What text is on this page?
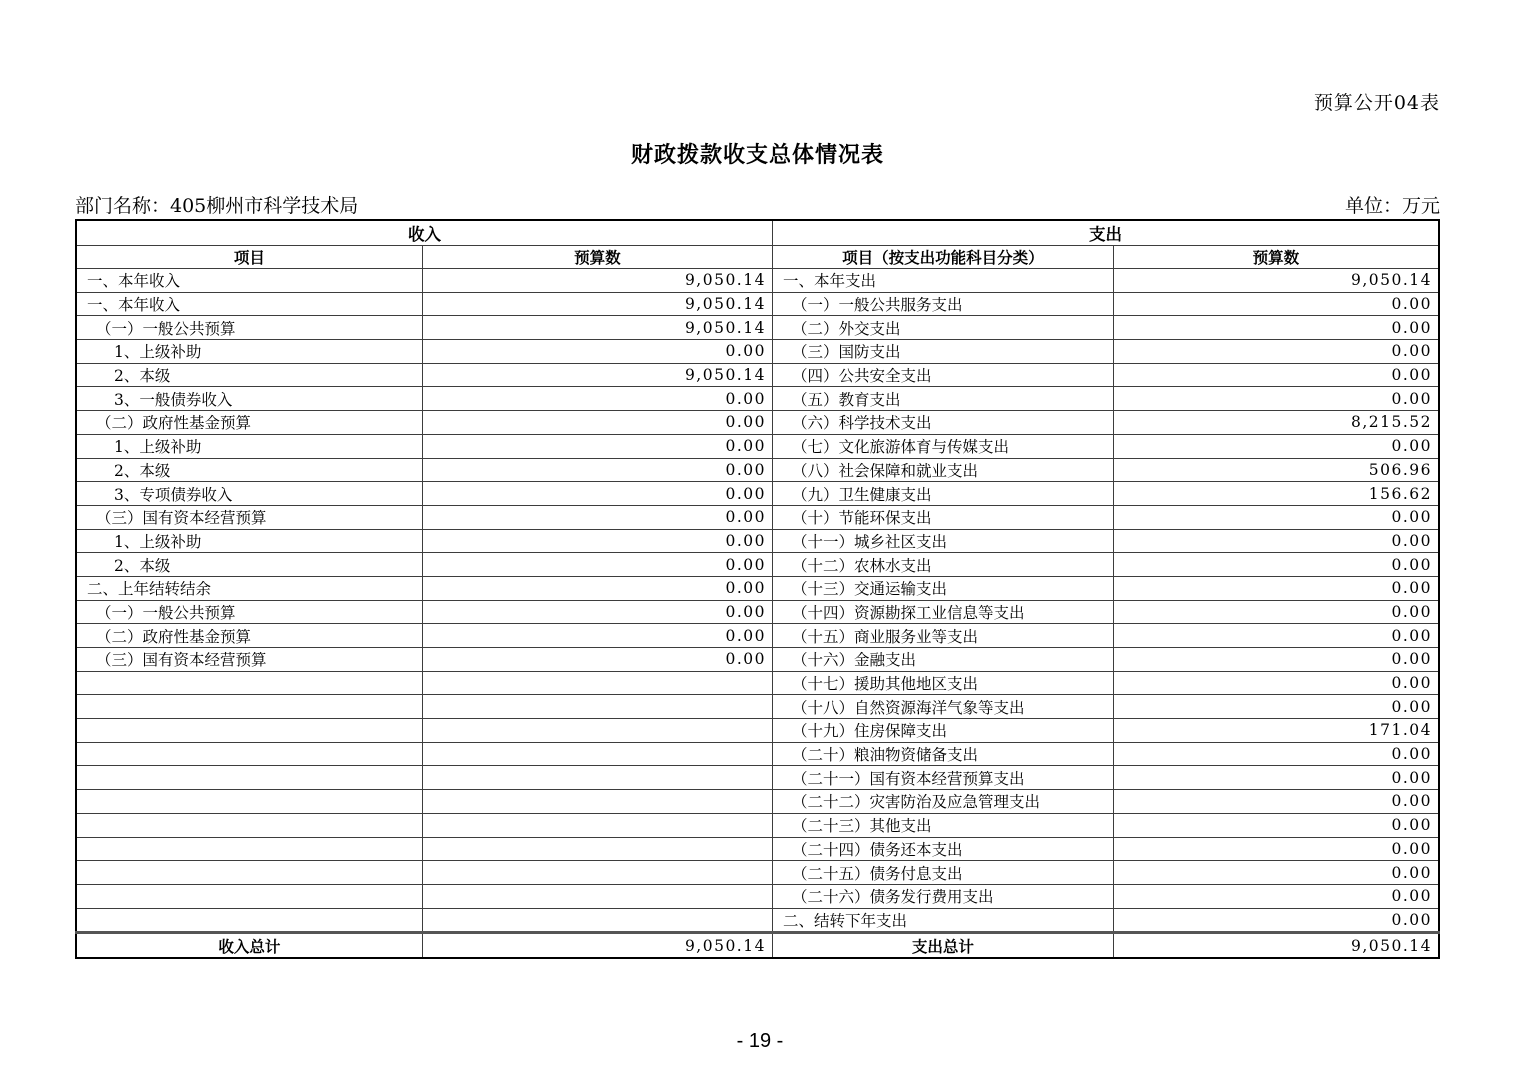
预算公开04表
财政拨款收支总体情况表
部门名称：405柳州市科学技术局	单位：万元
收入		支出	
项目	预算数	项目（按支出功能科目分类）	预算数
一、本年收入	9,050.14	一、本年支出	9,050.14
一、本年收入	9,050.14	（一）一般公共服务支出	0.00
（一）一般公共预算	9,050.14	（二）外交支出	0.00
1、上级补助	0.00	（三）国防支出	0.00
2、本级	9,050.14	（四）公共安全支出	0.00
3、一般债券收入	0.00	（五）教育支出	0.00
（二）政府性基金预算	0.00	（六）科学技术支出	8,215.52
1、上级补助	0.00	（七）文化旅游体育与传媒支出	0.00
2、本级	0.00	（八）社会保障和就业支出	506.96
3、专项债券收入	0.00	（九）卫生健康支出	156.62
（三）国有资本经营预算	0.00	（十）节能环保支出	0.00
1、上级补助	0.00	（十一）城乡社区支出	0.00
2、本级	0.00	（十二）农林水支出	0.00
二、上年结转结余	0.00	（十三）交通运输支出	0.00
（一）一般公共预算	0.00	（十四）资源勘探工业信息等支出	0.00
（二）政府性基金预算	0.00	（十五）商业服务业等支出	0.00
（三）国有资本经营预算	0.00	（十六）金融支出	0.00
		（十七）援助其他地区支出	0.00
		（十八）自然资源海洋气象等支出	0.00
		（十九）住房保障支出	171.04
		（二十）粮油物资储备支出	0.00
		（二十一）国有资本经营预算支出	0.00
		（二十二）灾害防治及应急管理支出	0.00
		（二十三）其他支出	0.00
		（二十四）债务还本支出	0.00
		（二十五）债务付息支出	0.00
		（二十六）债务发行费用支出	0.00
		二、结转下年支出	0.00
收入总计	9,050.14	支出总计	9,050.14
- 19 -
